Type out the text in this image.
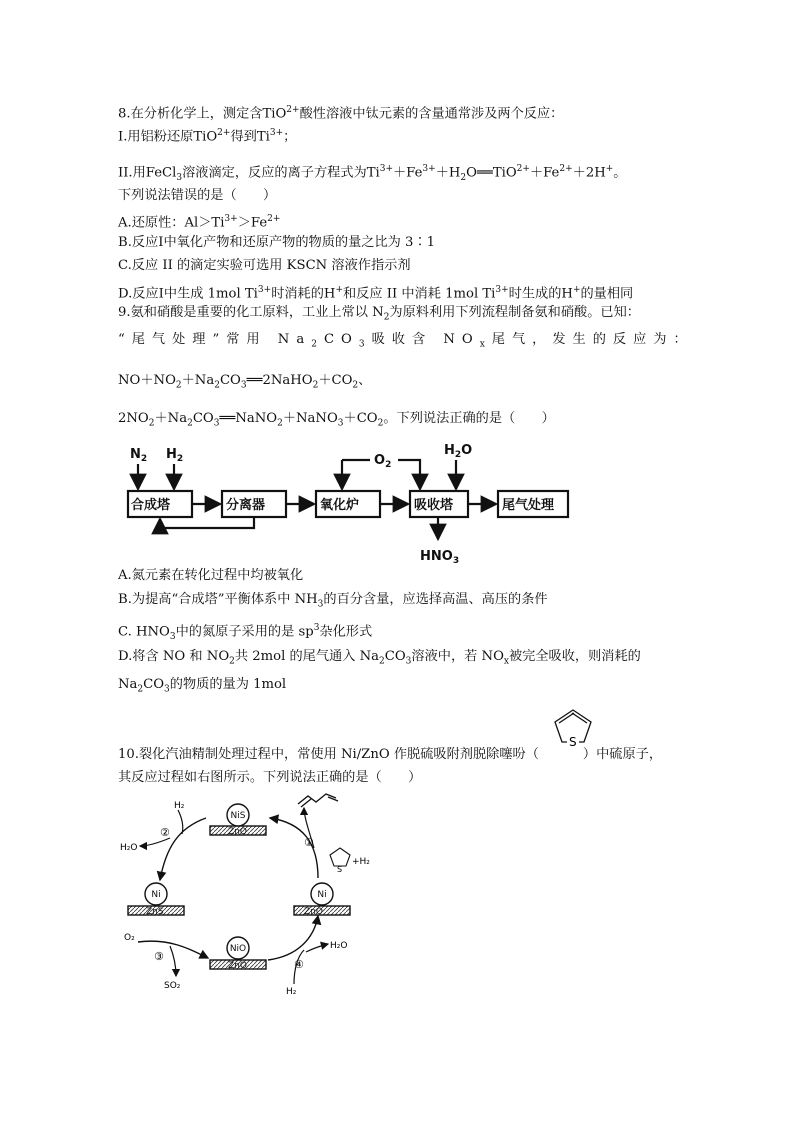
8.在分析化学上，测定含TiO$^{2+}$酸性溶液中钛元素的含量通常涉及两个反应：
I.用铝粉还原TiO$^{2+}$得到$Ti^{3+}$；
II.用FeCl$_3$溶液滴定，反应的离子方程式为$Ti^{3+}+Fe^{3+}+H_2O══TiO^{2+}+Fe^{2+}+2H^+$。
下列说法错误的是（　　）
A.还原性：$Al>Ti^{3+}>Fe^{2+}$
B.反应Ⅰ中氧化产物和还原产物的物质的量之比为 3∶1
C.反应 II 的滴定实验可选用 KSCN 溶液作指示剂
D.反应Ⅰ中生成 1mol $Ti^{3+}$时消耗的H+和反应 II 中消耗 1mol $Ti^{3+}$时生成的H+的量相同
9.氨和硝酸是重要的化工原料，工业上常以 $N_2$为原料利用下列流程制备氨和硝酸。已知：
“尾气处理”常用 $Na_2CO_3$吸收含 $NO_x$尾气，发生的反应为：
$NO+NO_2+Na_2CO_3══2NaHO_2+CO_2$、
$2NO_2+Na_2CO_3══NaNO_2+NaNO_3+CO_2$。下列说法正确的是（　　）
合成塔	分离器	氧化炉	吸收塔	尾气处理
$N_2$ $H_2$	$O_2$
$H_2O$
$HNO_3$
A.氮元素在转化过程中均被氧化
B.为提高“合成塔”平衡体系中 $NH_3$的百分含量，应选择高温、高压的条件
C. $HNO_3$中的氮原子采用的是 $sp^3$杂化形式
D.将含 NO 和 $NO_2$共 2mol 的尾气通入 $Na_2CO_3$溶液中，若 $NO_x$被完全吸收，则消耗的
$Na_2CO_3$的物质的量为 1mol
S
10.裂化汽油精制处理过程中，常使用 Ni/ZnO 作脱硫吸附剂脱除噻吩（	）中硫原子，
其反应过程如右图所示。下列说法正确的是（　　）
ZnO
ZnS	ZnO
ZnO
NiS
Ni	Ni
NiO
S
+H₂
①
H₂
H₂O
②
O₂
SO₂
③
H₂O
H₂
④
